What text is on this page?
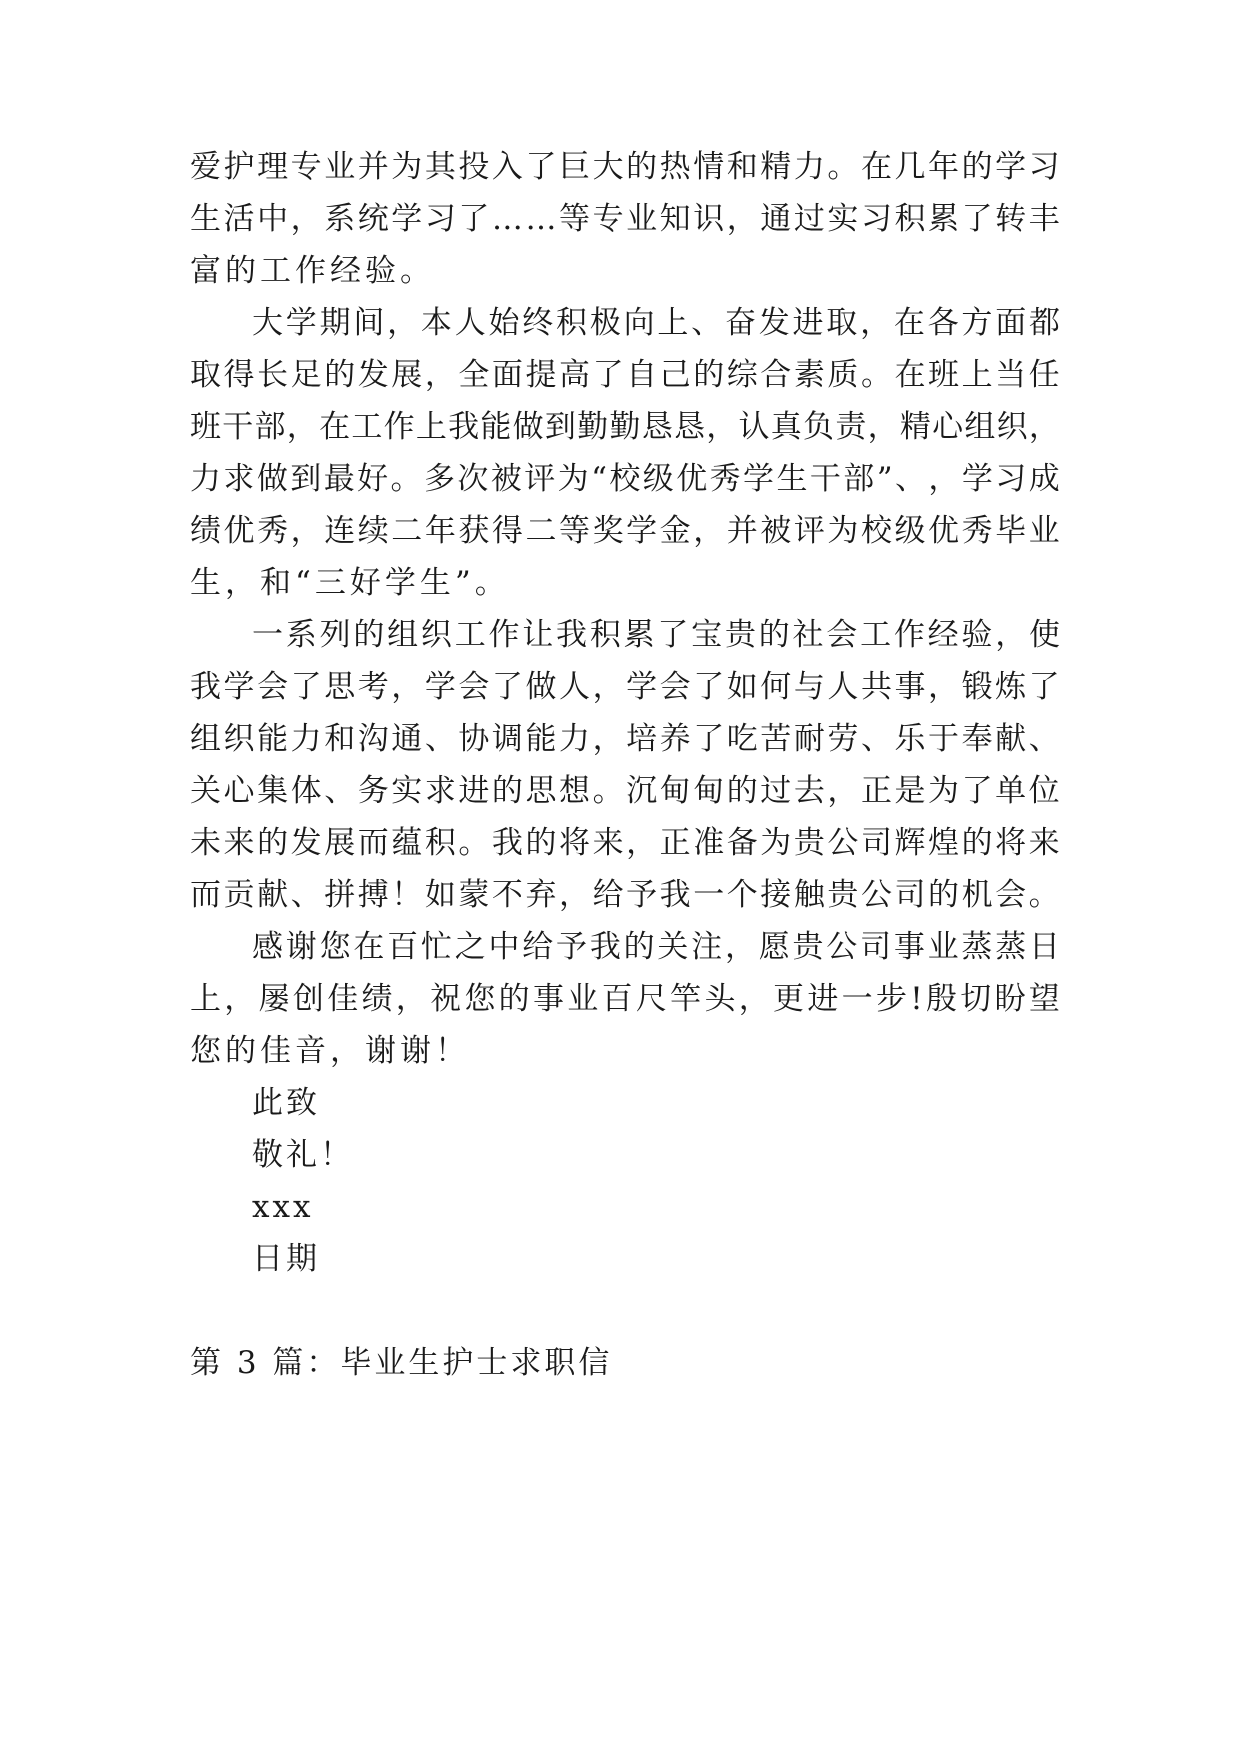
爱 护 理 专 业 并 为 其 投 入 了 巨 大 的 热 情 和 精 力 。 在 几 年 的 学 习
生 活 中 ， 系 统 学 习 了 … … 等 专 业 知 识 ， 通 过 实 习 积 累 了 转 丰
富的工作经验。
大 学 期 间 ， 本 人 始 终 积 极 向 上 、 奋 发 进 取 ， 在 各 方 面 都
取 得 长 足 的 发 展 ， 全 面 提 高 了 自 己 的 综 合 素 质 。 在 班 上 当 任
班 干 部 ， 在 工 作 上 我 能 做 到 勤 勤 恳 恳 ， 认 真 负 责 ， 精 心 组 织 ，
力 求 做 到 最 好 。 多 次 被 评 为 “ 校 级 优 秀 学 生 干 部 ” 、 ， 学 习 成
绩 优 秀 ， 连 续 二 年 获 得 二 等 奖 学 金 ， 并 被 评 为 校 级 优 秀 毕 业
生，和“三好学生”。
一 系 列 的 组 织 工 作 让 我 积 累 了 宝 贵 的 社 会 工 作 经 验 ， 使
我 学 会 了 思 考 ， 学 会 了 做 人 ， 学 会 了 如 何 与 人 共 事 ， 锻 炼 了
组 织 能 力 和 沟 通 、 协 调 能 力 ， 培 养 了 吃 苦 耐 劳 、 乐 于 奉 献 、
关 心 集 体 、 务 实 求 进 的 思 想 。 沉 甸 甸 的 过 去 ， 正 是 为 了 单 位
未 来 的 发 展 而 蕴 积 。 我 的 将 来 ， 正 准 备 为 贵 公 司 辉 煌 的 将 来
而 贡 献 、 拼 搏 ！ 如 蒙 不 弃 ， 给 予 我 一 个 接 触 贵 公 司 的 机 会 。
感 谢 您 在 百 忙 之 中 给 予 我 的 关 注 ， 愿 贵 公 司 事 业 蒸 蒸 日
上 ， 屡 创 佳 绩 ， 祝 您 的 事 业 百 尺 竿 头 ， 更 进 一 步 ! 殷 切 盼 望
您的佳音，谢谢！
此致
敬礼！
xxx
日期
第 3 篇：毕业生护士求职信
